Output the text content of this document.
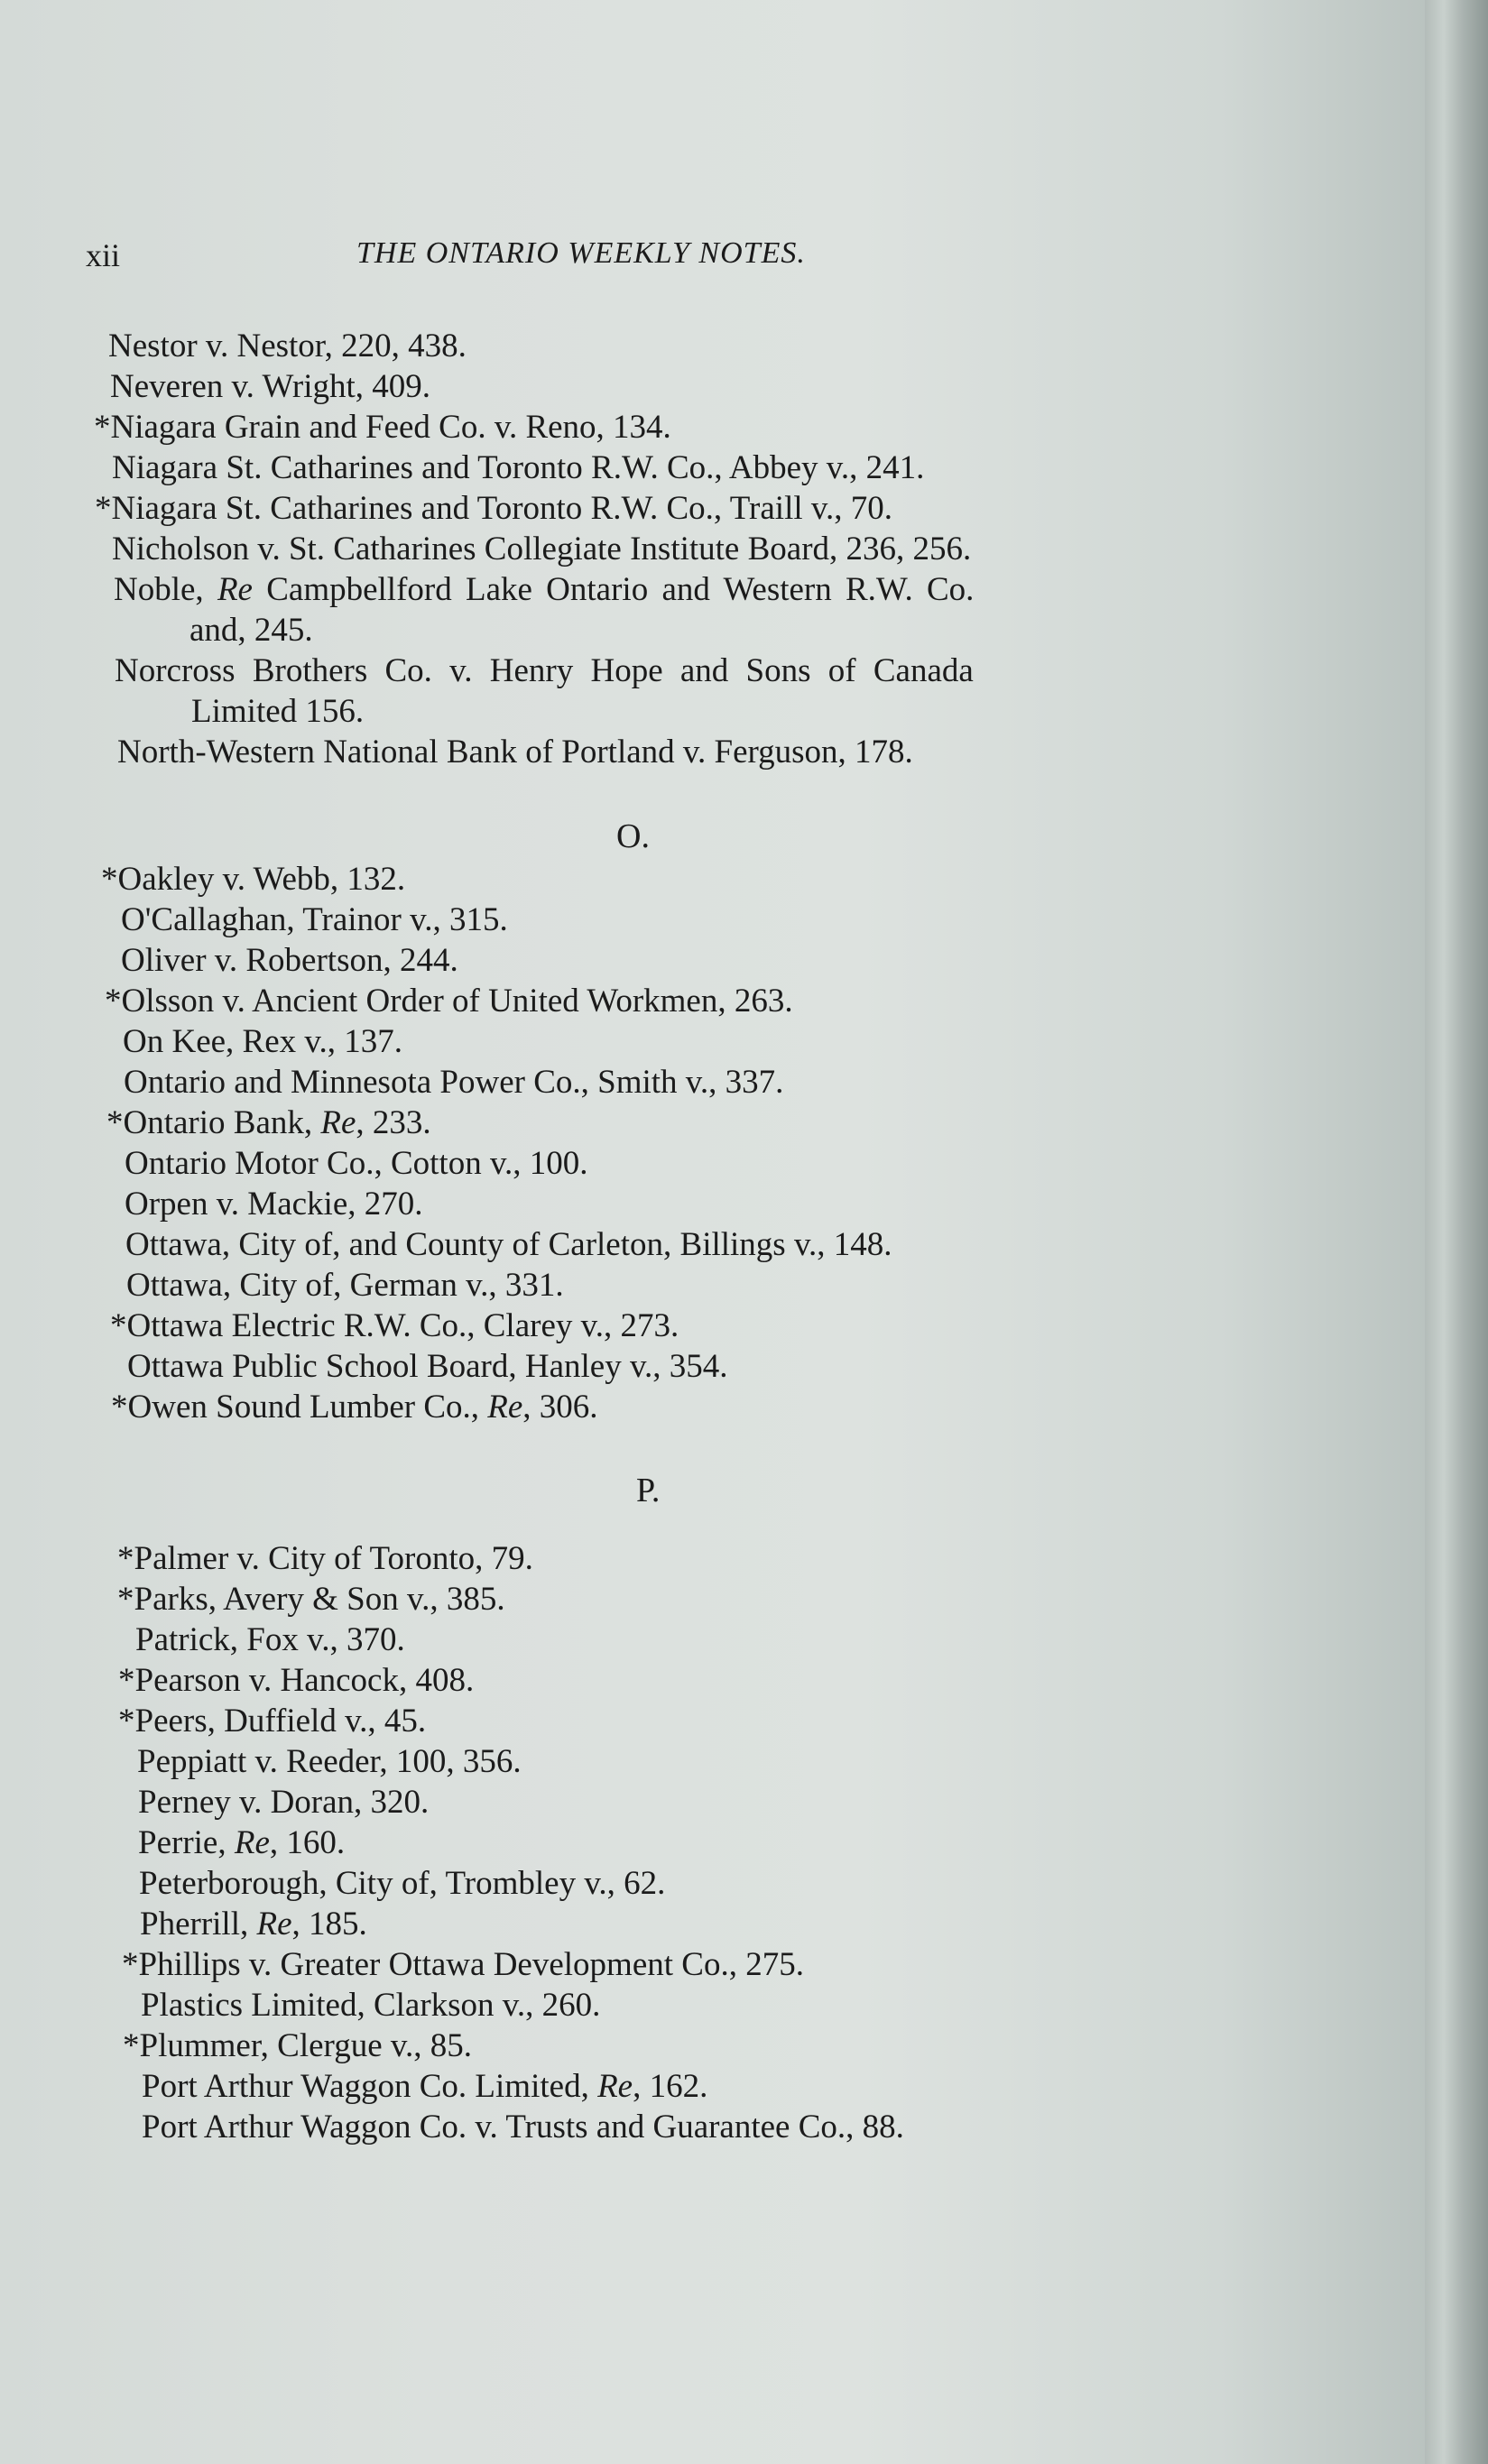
xii	THE ONTARIO WEEKLY NOTES.
Nestor v. Nestor, 220, 438.
Neveren v. Wright, 409.
*Niagara Grain and Feed Co. v. Reno, 134.
Niagara St. Catharines and Toronto R.W. Co., Abbey v., 241.
*Niagara St. Catharines and Toronto R.W. Co., Traill v., 70.
Nicholson v. St. Catharines Collegiate Institute Board, 236, 256.
Noble, Re Campbellford Lake Ontario and Western R.W. Co.
and, 245.
Norcross Brothers Co. v. Henry Hope and Sons of Canada
Limited 156.
North-Western National Bank of Portland v. Ferguson, 178.
O.
*Oakley v. Webb, 132.
O'Callaghan, Trainor v., 315.
Oliver v. Robertson, 244.
*Olsson v. Ancient Order of United Workmen, 263.
On Kee, Rex v., 137.
Ontario and Minnesota Power Co., Smith v., 337.
*Ontario Bank, Re, 233.
Ontario Motor Co., Cotton v., 100.
Orpen v. Mackie, 270.
Ottawa, City of, and County of Carleton, Billings v., 148.
Ottawa, City of, German v., 331.
*Ottawa Electric R.W. Co., Clarey v., 273.
Ottawa Public School Board, Hanley v., 354.
*Owen Sound Lumber Co., Re, 306.
P.
*Palmer v. City of Toronto, 79.
*Parks, Avery & Son v., 385.
Patrick, Fox v., 370.
*Pearson v. Hancock, 408.
*Peers, Duffield v., 45.
Peppiatt v. Reeder, 100, 356.
Perney v. Doran, 320.
Perrie, Re, 160.
Peterborough, City of, Trombley v., 62.
Pherrill, Re, 185.
*Phillips v. Greater Ottawa Development Co., 275.
Plastics Limited, Clarkson v., 260.
*Plummer, Clergue v., 85.
Port Arthur Waggon Co. Limited, Re, 162.
Port Arthur Waggon Co. v. Trusts and Guarantee Co., 88.
